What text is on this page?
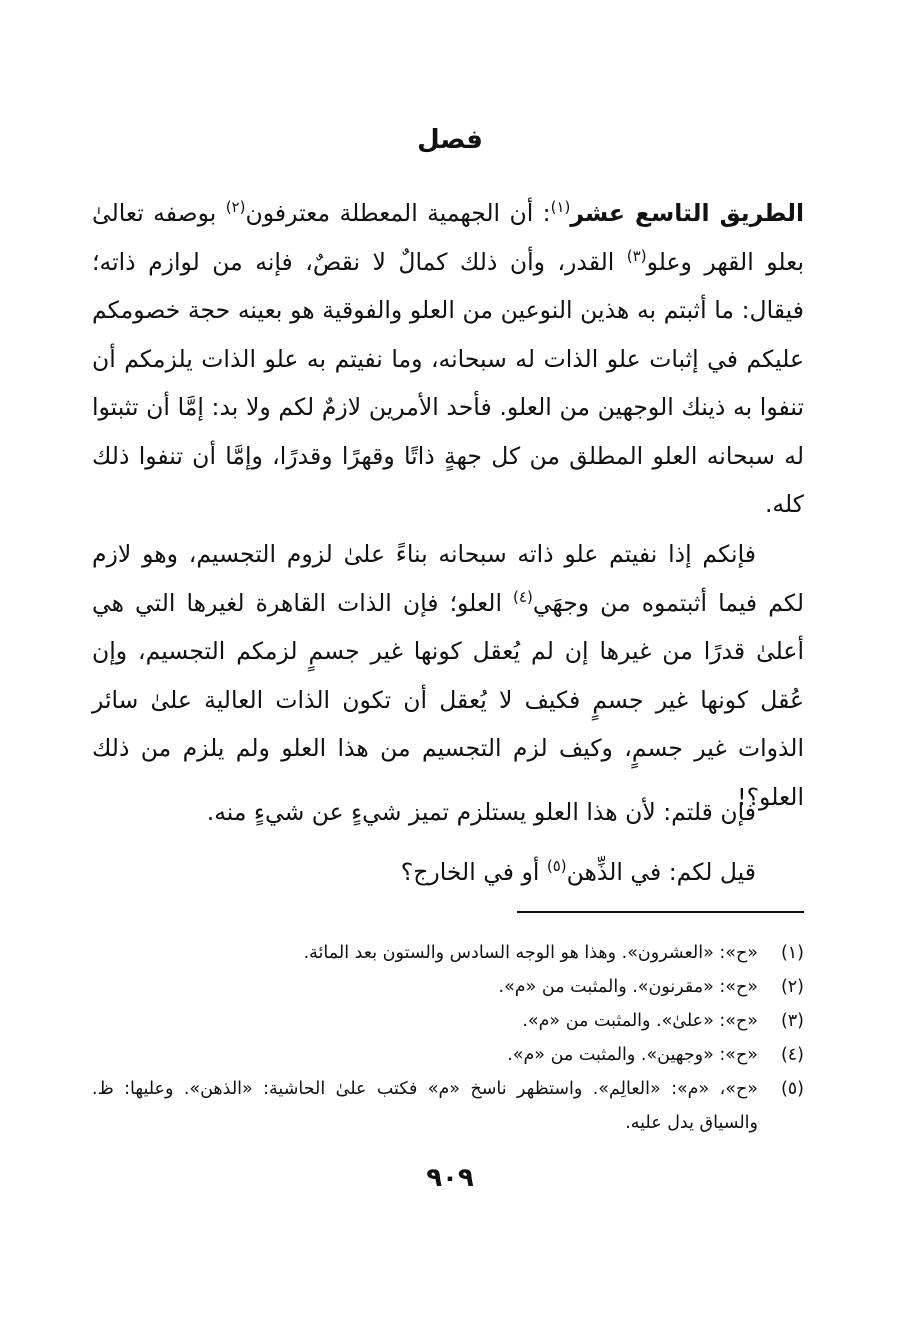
فصل
الطريق التاسع عشر$^{(١)}$: أن الجهمية المعطلة معترفون$^{(٢)}$ بوصفه تعالىٰ بعلو القهر وعلو$^{(٣)}$ القدر، وأن ذلك كمالٌ لا نقصٌ، فإنه من لوازم ذاته؛ فيقال: ما أثبتم به هذين النوعين من العلو والفوقية هو بعينه حجة خصومكم عليكم في إثبات علو الذات له سبحانه، وما نفيتم به علو الذات يلزمكم أن تنفوا به ذينك الوجهين من العلو. فأحد الأمرين لازمٌ لكم ولا بد: إمَّا أن تثبتوا له سبحانه العلو المطلق من كل جهةٍ ذاتًا وقهرًا وقدرًا، وإمَّا أن تنفوا ذلك كله.
فإنكم إذا نفيتم علو ذاته سبحانه بناءً علىٰ لزوم التجسيم، وهو لازم لكم فيما أثبتموه من وجهَي$^{(٤)}$ العلو؛ فإن الذات القاهرة لغيرها التي هي أعلىٰ قدرًا من غيرها إن لم يُعقل كونها غير جسمٍ لزمكم التجسيم، وإن عُقل كونها غير جسمٍ فكيف لا يُعقل أن تكون الذات العالية علىٰ سائر الذوات غير جسمٍ، وكيف لزم التجسيم من هذا العلو ولم يلزم من ذلك العلو؟!
فإن قلتم: لأن هذا العلو يستلزم تميز شيءٍ عن شيءٍ منه.
قيل لكم: في الذِّهن$^{(٥)}$ أو في الخارج؟
(١)
«ح»: «العشرون». وهذا هو الوجه السادس والستون بعد المائة.
(٢)
«ح»: «مقرنون». والمثبت من «م».
(٣)
«ح»: «علىٰ». والمثبت من «م».
(٤)
«ح»: «وجهين». والمثبت من «م».
(٥)
«ح»، «م»: «العالِم». واستظهر ناسخ «م» فكتب علىٰ الحاشية: «الذهن». وعليها: ظ. والسياق يدل عليه.
٩٠٩
